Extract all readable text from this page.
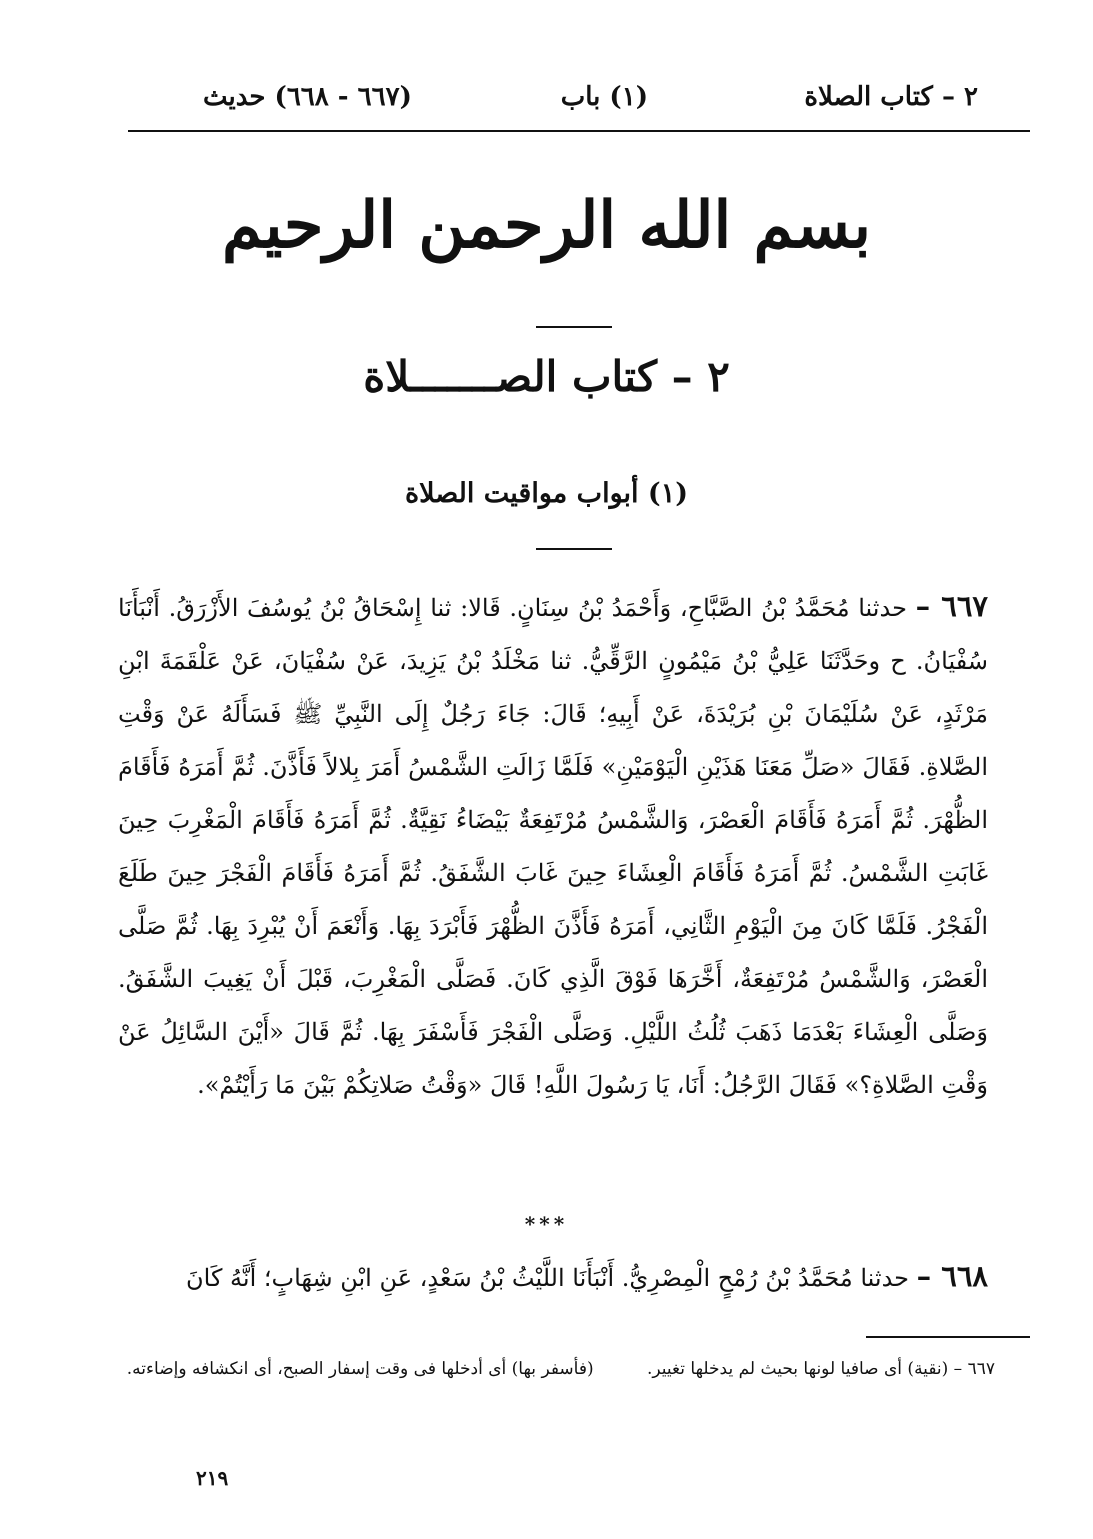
٢ – كتاب الصلاة
(١) باب
(٦٦٧ - ٦٦٨) حديث
بسم الله الرحمن الرحيم
٢ – كتاب الصـــــــلاة
(١) أبواب مواقيت الصلاة
٦٦٧ – حدثنا مُحَمَّدُ بْنُ الصَّبَّاحِ، وَأَحْمَدُ بْنُ سِنَانٍ. قَالا: ثنا إِسْحَاقُ بْنُ يُوسُفَ الأَزْرَقُ. أَنْبَأَنَا سُفْيَانُ. ح وحَدَّثَنَا عَلِيُّ بْنُ مَيْمُونٍ الرَّقِّيُّ. ثنا مَخْلَدُ بْنُ يَزِيدَ، عَنْ سُفْيَانَ، عَنْ عَلْقَمَةَ ابْنِ مَرْثَدٍ، عَنْ سُلَيْمَانَ بْنِ بُرَيْدَةَ، عَنْ أَبِيهِ؛ قَالَ: جَاءَ رَجُلٌ إِلَى النَّبِيِّ ﷺ فَسَأَلَهُ عَنْ وَقْتِ الصَّلاةِ. فَقَالَ «صَلِّ مَعَنَا هَذَيْنِ الْيَوْمَيْنِ» فَلَمَّا زَالَتِ الشَّمْسُ أَمَرَ بِلالاً فَأَذَّنَ. ثُمَّ أَمَرَهُ فَأَقَامَ الظُّهْرَ. ثُمَّ أَمَرَهُ فَأَقَامَ الْعَصْرَ، وَالشَّمْسُ مُرْتَفِعَةٌ بَيْضَاءُ نَقِيَّةٌ. ثُمَّ أَمَرَهُ فَأَقَامَ الْمَغْرِبَ حِينَ غَابَتِ الشَّمْسُ. ثُمَّ أَمَرَهُ فَأَقَامَ الْعِشَاءَ حِينَ غَابَ الشَّفَقُ. ثُمَّ أَمَرَهُ فَأَقَامَ الْفَجْرَ حِينَ طَلَعَ الْفَجْرُ. فَلَمَّا كَانَ مِنَ الْيَوْمِ الثَّانِي، أَمَرَهُ فَأَذَّنَ الظُّهْرَ فَأَبْرَدَ بِهَا. وَأَنْعَمَ أَنْ يُبْرِدَ بِهَا. ثُمَّ صَلَّى الْعَصْرَ، وَالشَّمْسُ مُرْتَفِعَةٌ، أَخَّرَهَا فَوْقَ الَّذِي كَانَ. فَصَلَّى الْمَغْرِبَ، قَبْلَ أَنْ يَغِيبَ الشَّفَقُ. وَصَلَّى الْعِشَاءَ بَعْدَمَا ذَهَبَ ثُلُثُ اللَّيْلِ. وَصَلَّى الْفَجْرَ فَأَسْفَرَ بِهَا. ثُمَّ قَالَ «أَيْنَ السَّائِلُ عَنْ وَقْتِ الصَّلاةِ؟» فَقَالَ الرَّجُلُ: أَنَا، يَا رَسُولَ اللَّهِ! قَالَ «وَقْتُ صَلاتِكُمْ بَيْنَ مَا رَأَيْتُمْ».
***
٦٦٨ – حدثنا مُحَمَّدُ بْنُ رُمْحٍ الْمِصْرِيُّ. أَنْبَأَنَا اللَّيْثُ بْنُ سَعْدٍ، عَنِ ابْنِ شِهَابٍ؛ أَنَّهُ كَانَ
٦٦٧ – (نقية) أى صافيا لونها بحيث لم يدخلها تغيير. (فأسفر بها) أى أدخلها فى وقت إسفار الصبح، أى انكشافه وإضاءته.
٢١٩
